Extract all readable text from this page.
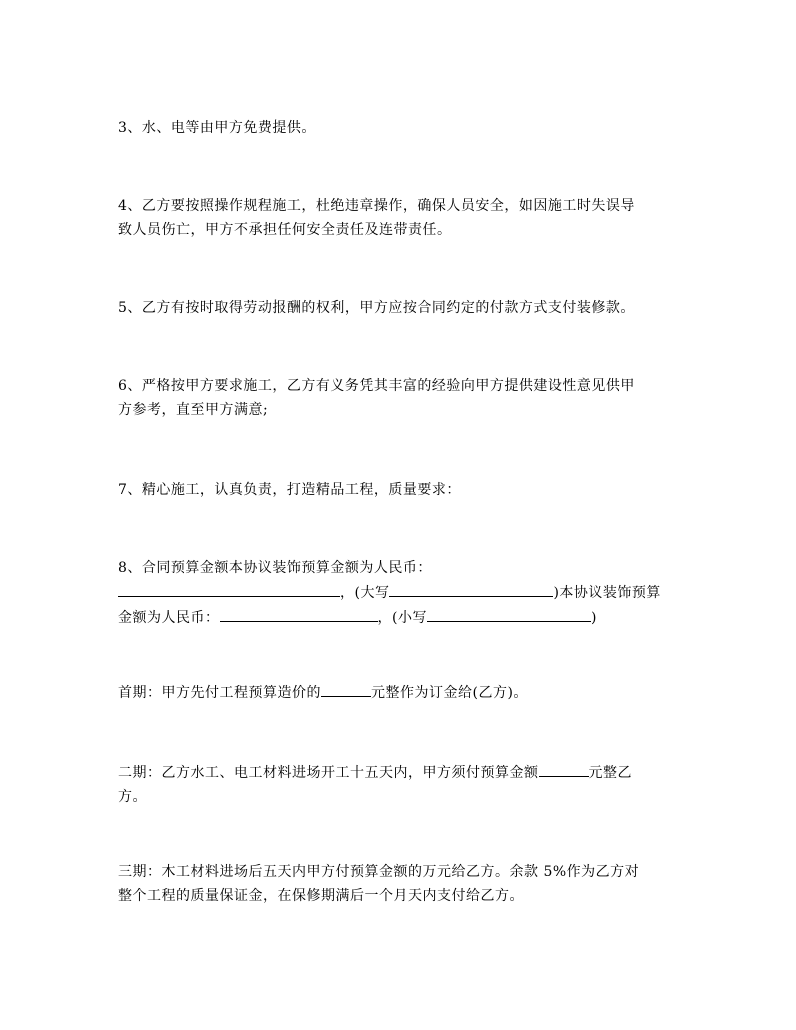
3、水、电等由甲方免费提供。

4、乙方要按照操作规程施工，杜绝违章操作，确保人员安全，如因施工时失误导
致人员伤亡，甲方不承担任何安全责任及连带责任。

5、乙方有按时取得劳动报酬的权利，甲方应按合同约定的付款方式支付装修款。

6、严格按甲方要求施工，乙方有义务凭其丰富的经验向甲方提供建设性意见供甲
方参考，直至甲方满意;

7、精心施工，认真负责，打造精品工程，质量要求：

8、合同预算金额本协议装饰预算金额为人民币：
，(大写	)本协议装饰预算
金额为人民币：	，(小写	)

首期：甲方先付工程预算造价的	元整作为订金给(乙方)。

二期：乙方水工、电工材料进场开工十五天内，甲方须付预算金额	元整乙
方。

三期：木工材料进场后五天内甲方付预算金额的万元给乙方。余款 5%作为乙方对
整个工程的质量保证金，在保修期满后一个月天内支付给乙方。
